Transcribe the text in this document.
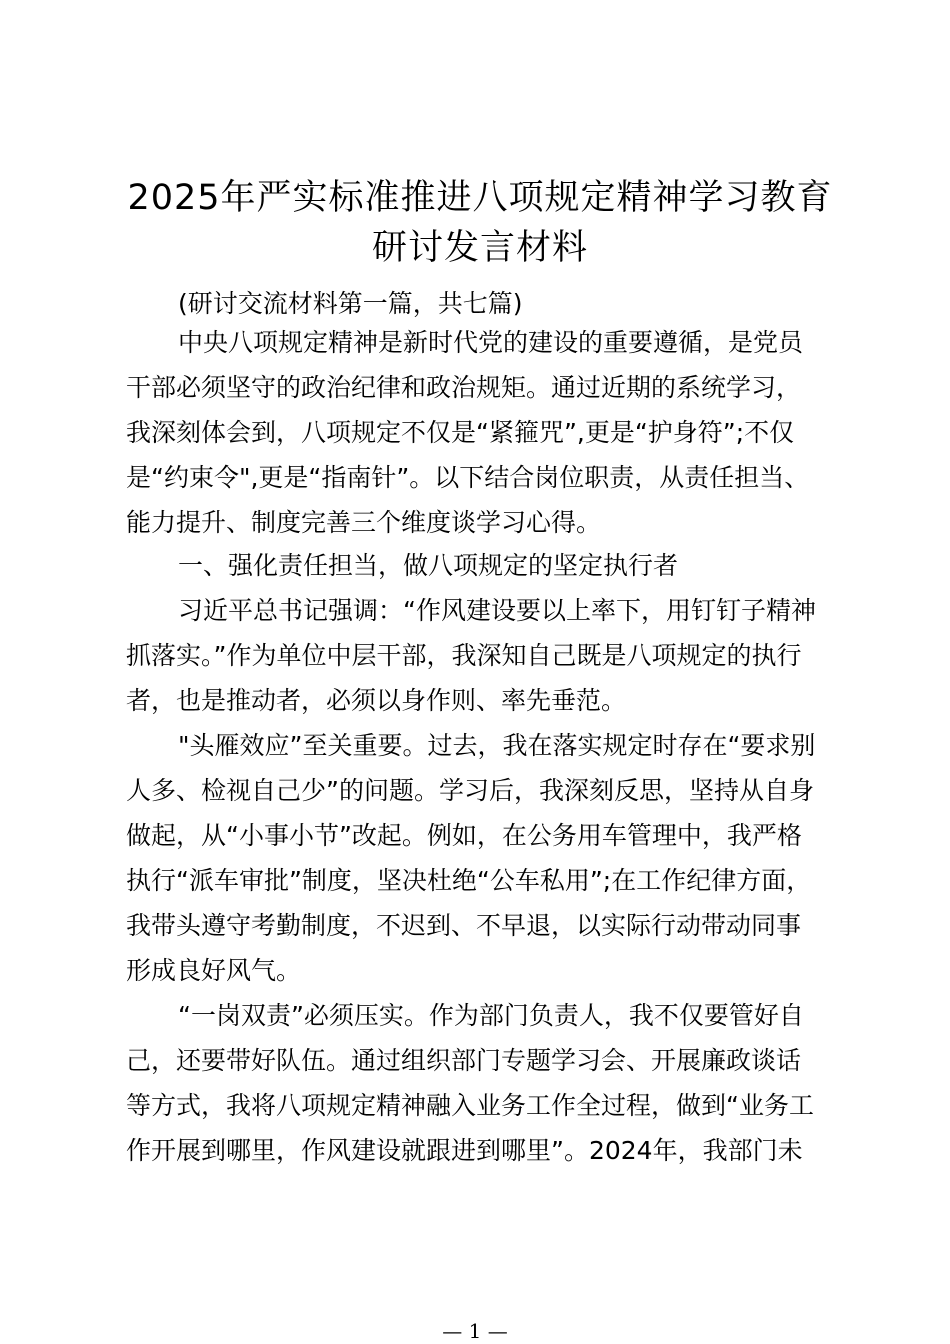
2025年严实标准推进八项规定精神学习教育
研讨发言材料

(研讨交流材料第一篇，共七篇)

中央八项规定精神是新时代党的建设的重要遵循，是党员

干部必须坚守的政治纪律和政治规矩。通过近期的系统学习，

我深刻体会到，八项规定不仅是“紧箍咒”,更是“护身符”;不仅

是“约束令",更是“指南针”。以下结合岗位职责，从责任担当、

能力提升、制度完善三个维度谈学习心得。

一、强化责任担当，做八项规定的坚定执行者

习近平总书记强调：“作风建设要以上率下，用钉钉子精神

抓落实。”作为单位中层干部，我深知自己既是八项规定的执行

者，也是推动者，必须以身作则、率先垂范。

"头雁效应”至关重要。过去，我在落实规定时存在“要求别

人多、检视自己少”的问题。学习后，我深刻反思，坚持从自身

做起，从“小事小节”改起。例如，在公务用车管理中，我严格

执行“派车审批”制度，坚决杜绝“公车私用”;在工作纪律方面，

我带头遵守考勤制度，不迟到、不早退，以实际行动带动同事

形成良好风气。

“一岗双责”必须压实。作为部门负责人，我不仅要管好自

己，还要带好队伍。通过组织部门专题学习会、开展廉政谈话

等方式，我将八项规定精神融入业务工作全过程，做到“业务工

作开展到哪里，作风建设就跟进到哪里”。2024年，我部门未

— 1 —
